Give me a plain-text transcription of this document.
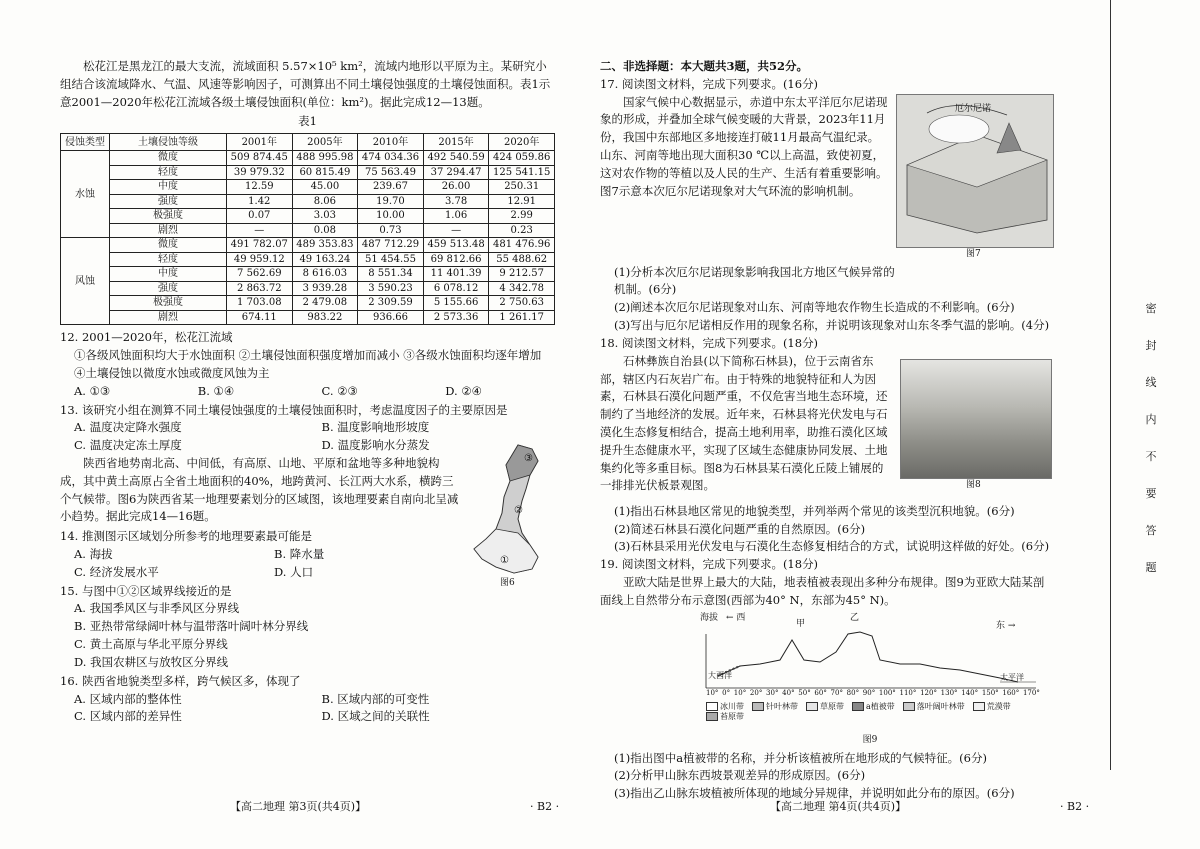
松花江是黑龙江的最大支流，流域面积 5.57×10⁵ km²，流域内地形以平原为主。某研究小组结合该流域降水、气温、风速等影响因子，可测算出不同土壤侵蚀强度的土壤侵蚀面积。表1示意2001—2020年松花江流域各级土壤侵蚀面积(单位：km²)。据此完成12—13题。

表1
侵蚀类型	土壤侵蚀等级	2001年	2005年	2010年	2015年	2020年
水蚀	微度	509 874.45	488 995.98	474 034.36	492 540.59	424 059.86
	轻度	39 979.32	60 815.49	75 563.49	37 294.47	125 541.15
	中度	12.59	45.00	239.67	26.00	250.31
	强度	1.42	8.06	19.70	3.78	12.91
	极强度	0.07	3.03	10.00	1.06	2.99
	剧烈	—	0.08	0.73	—	0.23
风蚀	微度	491 782.07	489 353.83	487 712.29	459 513.48	481 476.96
	轻度	49 959.12	49 163.24	51 454.55	69 812.66	55 488.62
	中度	7 562.69	8 616.03	8 551.34	11 401.39	9 212.57
	强度	2 863.72	3 939.28	3 590.23	6 078.12	4 342.78
	极强度	1 703.08	2 479.08	2 309.59	5 155.66	2 750.63
	剧烈	674.11	983.22	936.66	2 573.36	1 261.17
12. 2001—2020年，松花江流域
①各级风蚀面积均大于水蚀面积 ②土壤侵蚀面积强度增加而减小 ③各级水蚀面积均逐年增加 ④土壤侵蚀以微度水蚀或微度风蚀为主
A. ①③	B. ①④	C. ②③	D. ②④
13. 该研究小组在测算不同土壤侵蚀强度的土壤侵蚀面积时，考虑温度因子的主要原因是
A. 温度决定降水强度	B. 温度影响地形坡度
C. 温度决定冻土厚度	D. 温度影响水分蒸发

陕西省地势南北高、中间低，有高原、山地、平原和盆地等多种地貌构成，其中黄土高原占全省土地面积的40%，地跨黄河、长江两大水系，横跨三个气候带。图6为陕西省某一地理要素划分的区域图，该地理要素自南向北呈减小趋势。据此完成14—16题。

③
②
①
图6
14. 推测图示区域划分所参考的地理要素最可能是
A. 海拔	B. 降水量
C. 经济发展水平	D. 人口
15. 与图中①②区域界线接近的是
A. 我国季风区与非季风区分界线
B. 亚热带常绿阔叶林与温带落叶阔叶林分界线
C. 黄土高原与华北平原分界线
D. 我国农耕区与放牧区分界线
16. 陕西省地貌类型多样，跨气候区多，体现了
A. 区域内部的整体性	B. 区域内部的可变性
C. 区域内部的差异性	D. 区域之间的关联性
【高二地理 第3页(共4页)】	· B2 ·
二、非选择题：本大题共3题，共52分。
17. 阅读图文材料，完成下列要求。(16分)

国家气候中心数据显示，赤道中东太平洋厄尔尼诺现象的形成，并叠加全球气候变暖的大背景，2023年11月份，我国中东部地区多地接连打破11月最高气温纪录。山东、河南等地出现大面积30 ℃以上高温，致使初夏，这对农作物的等植以及人民的生产、生活有着重要影响。图7示意本次厄尔尼诺现象对大气环流的影响机制。

厄尔尼诺
图7
(1)分析本次厄尔尼诺现象影响我国北方地区气候异常的机制。(6分)
(2)阐述本次厄尔尼诺现象对山东、河南等地农作物生长造成的不利影响。(6分)
(3)写出与厄尔尼诺相反作用的现象名称，并说明该现象对山东冬季气温的影响。(4分)
18. 阅读图文材料，完成下列要求。(18分)

石林彝族自治县(以下简称石林县)，位于云南省东部，辖区内石灰岩广布。由于特殊的地貌特征和人为因素，石林县石漠化问题严重，不仅危害当地生态环境，还制约了当地经济的发展。近年来，石林县将光伏发电与石漠化生态修复相结合，提高土地利用率，助推石漠化区域提升生态健康水平，实现了区域生态健康协同发展、土地集约化等多重目标。图8为石林县某石漠化丘陵上铺展的一排排光伏板景观图。	图8
(1)指出石林县地区常见的地貌类型，并列举两个常见的该类型沉积地貌。(6分)
(2)简述石林县石漠化问题严重的自然原因。(6分)
(3)石林县采用光伏发电与石漠化生态修复相结合的方式，试说明这样做的好处。(6分)
19. 阅读图文材料，完成下列要求。(18分)

亚欧大陆是世界上最大的大陆，地表植被表现出多种分布规律。图9为亚欧大陆某剖面线上自然带分布示意图(西部为40° N，东部为45° N)。

海拔 ← 西
甲
乙
东 →
大西洋	太平洋
10° 0° 10° 20° 30° 40° 50° 60° 70° 80° 90° 100° 110° 120° 130° 140° 150° 160° 170°
冰川带	针叶林带	草原带	a植被带	落叶阔叶林带	荒漠带
苔原带
图9
(1)指出图中a植被带的名称，并分析该植被所在地形成的气候特征。(6分)
(2)分析甲山脉东西坡景观差异的形成原因。(6分)
(3)指出乙山脉东坡植被所体现的地域分异规律，并说明如此分布的原因。(6分)
【高二地理 第4页(共4页)】	· B2 ·
密
封
线
内
不
要
答
题
